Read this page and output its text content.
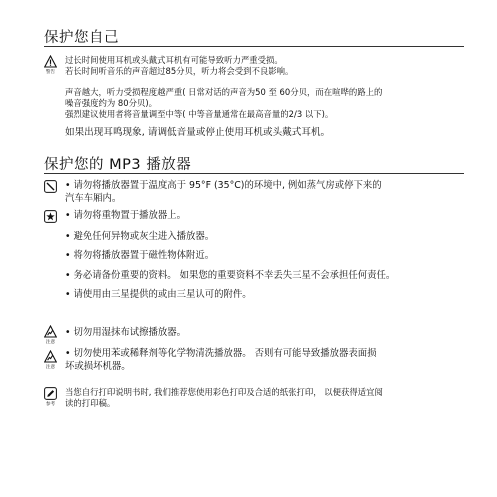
保护您自己
警告
过长时间使用耳机或头戴式耳机有可能导致听力严重受损。
若长时间听音乐的声音超过85分贝，听力将会受到不良影响。
声音越大，听力受损程度越严重( 日常对话的声音为50 至 60分贝，而在喧哗的路上的
噪音强度约为 80分贝)。
强烈建议使用者将音量调至中等( 中等音量通常在最高音量的2/3 以下)。
如果出现耳鸣现象, 请调低音量或停止使用耳机或头戴式耳机。
保护您的 MP3 播放器
• 请勿将播放器置于温度高于 95°F (35°C)的环境中, 例如蒸气房或停下来的
汽车车厢内。
• 请勿将重物置于播放器上。
• 避免任何异物或灰尘进入播放器。
• 将勿将播放器置于磁性物体附近。
• 务必请备份重要的资料。 如果您的重要资料不幸丢失三星不会承担任何责任。
• 请使用由三星提供的或由三星认可的附件。
注意
• 切勿用湿抹布试擦播放器。
注意
• 切勿使用苯或稀释剂等化学物清洗播放器。 否则有可能导致播放器表面损
坏或损坏机器。
参考
当您自行打印说明书时, 我们推荐您使用彩色打印及合适的纸张打印， 以便获得适宜阅
读的打印稿。
